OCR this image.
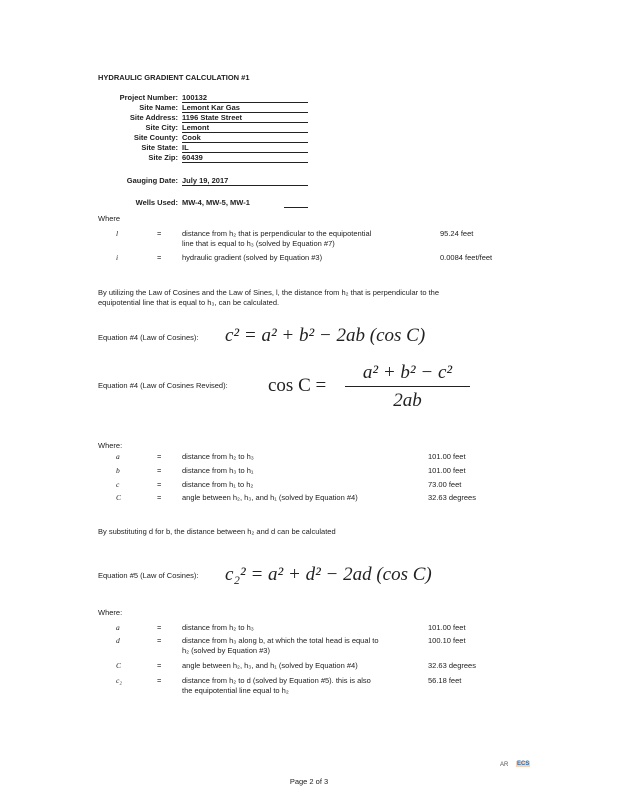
HYDRAULIC GRADIENT CALCULATION #1
Where
By utilizing the Law of Cosines and the Law of Sines, l, the distance from h₂ that is perpendicular to the
equipotential line that is equal to h₃, can be calculated.
Equation #4 (Law of Cosines): c² = a² + b² − 2ab (cos C)
Equation #4 (Law of Cosines Revised): cos C =
a² + b² − c²
2ab
Where:
By substituting d for b, the distance between h₂ and d can be calculated
Equation #5 (Law of Cosines): c₂² = a² + d² − 2ad (cos C)
Where:
Page 2 of 3
AR ECS
Project Number: 100132
Site Name: Lemont Kar Gas
Site Address: 1196 State Street
Site City: Lemont
Site County: Cook
Site State: IL
Site Zip: 60439
Gauging Date: July 19, 2017
Wells Used: MW-4, MW-5, MW-1
l	=	distance from h₂ that is perpendicular to the equipotential
line that is equal to h₃ (solved by Equation #7)
95.24 feet
i	=	hydraulic gradient (solved by Equation #3)	0.0084 feet/feet
a	=	distance from h₂ to h₃	101.00 feet
b	=	distance from h₃ to h₁	101.00 feet
c	=	distance from h₁ to h₂	73.00 feet
C	=	angle between h₂, h₃, and h₁ (solved by Equation #4)	32.63 degrees
a	=	distance from h₂ to h₃	101.00 feet
d	=	distance from h₃ along b, at which the total head is equal to
h₂ (solved by Equation #3)
100.10 feet
C	=	angle between h₂, h₃, and h₁ (solved by Equation #4)	32.63 degrees
c₂	=	distance from h₂ to d (solved by Equation #5). this is also
the equipotential line equal to h₂
56.18 feet
